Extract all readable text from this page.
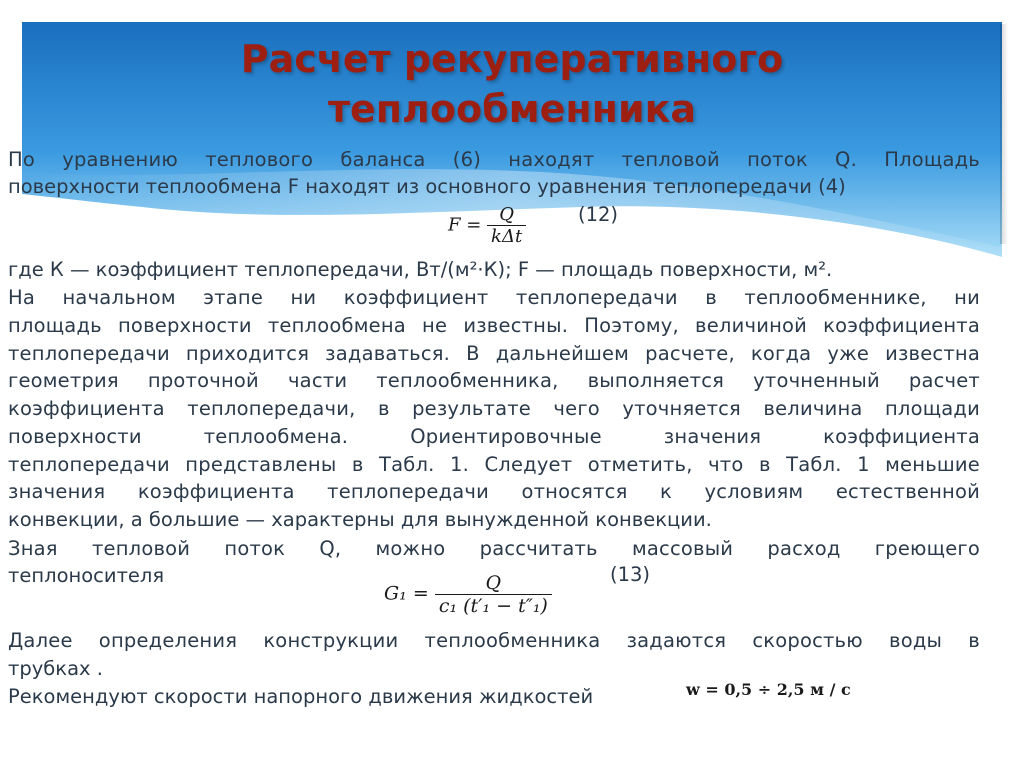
Расчет рекуперативного
теплообменника
По уравнению теплового баланса (6) находят тепловой поток Q. Площадь
поверхности теплообмена F находят из основного уравнения теплопередачи (4)
$F = \frac{Q}{\text{kΔt}}$	(12)
где К — коэффициент теплопередачи, Вт/(м²·К); F — площадь поверхности, м².
На начальном этапе ни коэффициент теплопередачи в теплообменнике, ни
площадь поверхности теплообмена не известны. Поэтому, величиной коэффициента
теплопередачи приходится задаваться. В дальнейшем расчете, когда уже известна
геометрия проточной части теплообменника, выполняется уточненный расчет
коэффициента теплопередачи, в результате чего уточняется величина площади
поверхности теплообмена. Ориентировочные значения коэффициента
теплопередачи представлены в Табл. 1. Следует отметить, что в Табл. 1 меньшие
значения коэффициента теплопередачи относятся к условиям естественной
конвекции, а большие — характерны для вынужденной конвекции.
Зная тепловой поток Q, можно рассчитать массовый расход греющего
теплоносителя
$G_1 = \frac{Q}{\text{c₁ (t′₁ − t″₁)}}$	(13)
Далее определения конструкции теплообменника задаются скоростью воды в
трубках .
Рекомендуют скорости напорного движения жидкостей	w = 0,5 ÷ 2,5 м / с
